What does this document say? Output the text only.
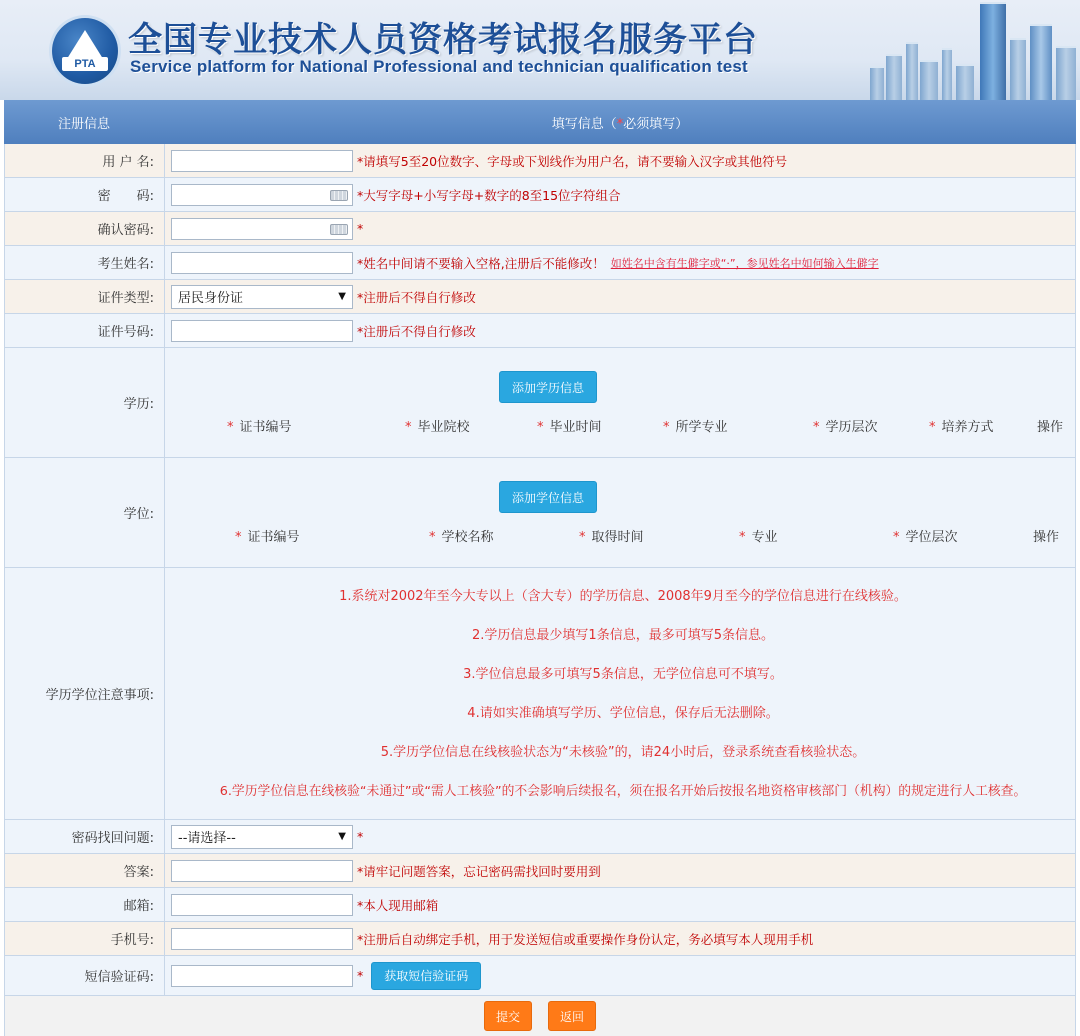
PTA
全国专业技术人员资格考试报名服务平台
Service platform for National Professional and technician qualification test
注册信息	填写信息（*必须填写）
用 户 名:	*请填写5至20位数字、字母或下划线作为用户名，请不要输入汉字或其他符号
密　　码:	*大写字母+小写字母+数字的8至15位字符组合
确认密码:	*
考生姓名:	*姓名中间请不要输入空格,注册后不能修改！ 如姓名中含有生僻字或“·”，参见姓名中如何输入生僻字
证件类型:	居民身份证	▼ *注册后不得自行修改
证件号码:	*注册后不得自行修改
学历:
添加学历信息
* 证书编号	* 毕业院校	* 毕业时间	* 所学专业	* 学历层次	* 培养方式	操作
学位:
添加学位信息
* 证书编号	* 学校名称	* 取得时间	* 专业	* 学位层次	操作
学历学位注意事项:

1.系统对2002年至今大专以上（含大专）的学历信息、2008年9月至今的学位信息进行在线核验。

2.学历信息最少填写1条信息，最多可填写5条信息。

3.学位信息最多可填写5条信息，无学位信息可不填写。

4.请如实准确填写学历、学位信息，保存后无法删除。

5.学历学位信息在线核验状态为“未核验”的，请24小时后，登录系统查看核验状态。

6.学历学位信息在线核验“未通过”或“需人工核验”的不会影响后续报名，须在报名开始后按报名地资格审核部门（机构）的规定进行人工核查。

密码找回问题:	--请选择--	▼ *
答案:	*请牢记问题答案，忘记密码需找回时要用到
邮箱:	*本人现用邮箱
手机号:	*注册后自动绑定手机，用于发送短信或重要操作身份认定，务必填写本人现用手机
短信验证码:	*	获取短信验证码
提交	返回
